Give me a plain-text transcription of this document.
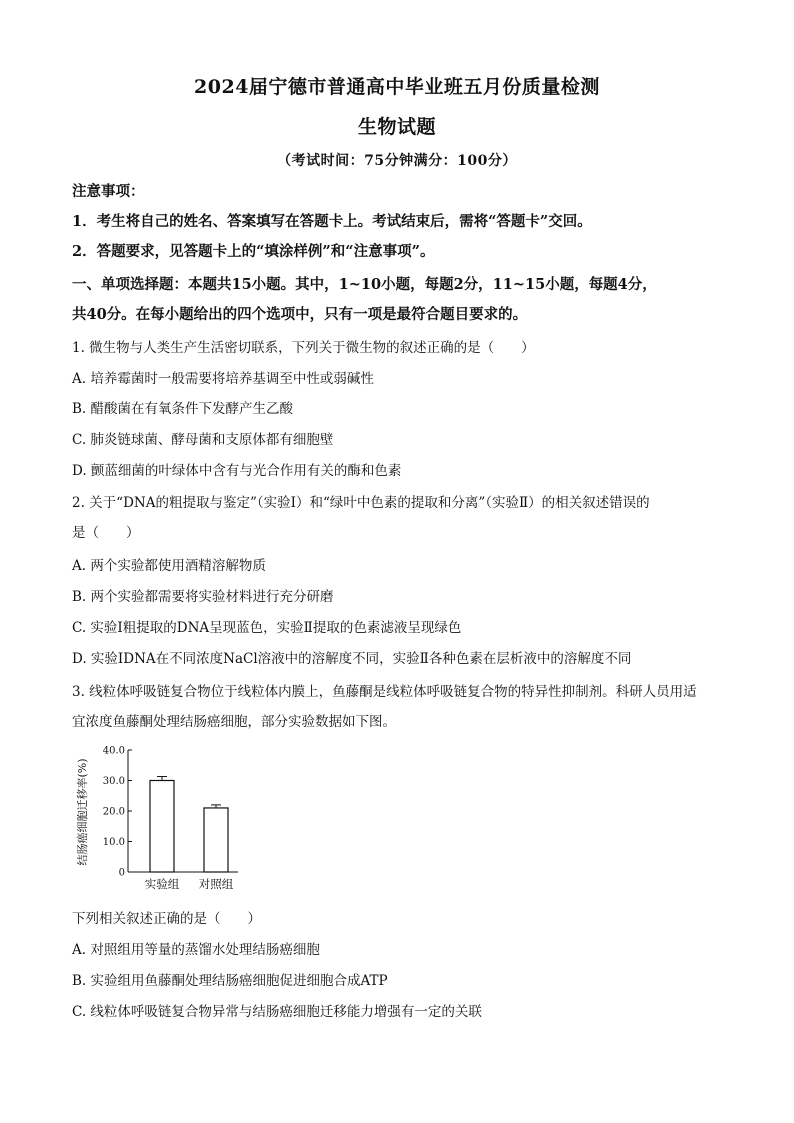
2024届宁德市普通高中毕业班五月份质量检测
生物试题
（考试时间：75分钟满分：100分）
注意事项：
1．考生将自己的姓名、答案填写在答题卡上。考试结束后，需将“答题卡”交回。
2．答题要求，见答题卡上的“填涂样例”和“注意事项”。
一、单项选择题：本题共15小题。其中，1~10小题，每题2分，11~15小题，每题4分，
共40分。在每小题给出的四个选项中，只有一项是最符合题目要求的。
1. 微生物与人类生产生活密切联系，下列关于微生物的叙述正确的是（　　）
A. 培养霉菌时一般需要将培养基调至中性或弱碱性
B. 醋酸菌在有氧条件下发酵产生乙酸
C. 肺炎链球菌、酵母菌和支原体都有细胞壁
D. 颤蓝细菌的叶绿体中含有与光合作用有关的酶和色素
2. 关于“DNA的粗提取与鉴定”（实验Ⅰ）和“绿叶中色素的提取和分离”（实验Ⅱ）的相关叙述错误的
是（　　）
A. 两个实验都使用酒精溶解物质
B. 两个实验都需要将实验材料进行充分研磨
C. 实验Ⅰ粗提取的DNA呈现蓝色，实验Ⅱ提取的色素滤液呈现绿色
D. 实验IDNA在不同浓度NaCl溶液中的溶解度不同，实验Ⅱ各种色素在层析液中的溶解度不同
3. 线粒体呼吸链复合物位于线粒体内膜上，鱼藤酮是线粒体呼吸链复合物的特异性抑制剂。科研人员用适
宜浓度鱼藤酮处理结肠癌细胞，部分实验数据如下图。
0
10.0
20.0
30.0
40.0
实验组 对照组
结肠癌细胞迁移率(%)
下列相关叙述正确的是（　　）
A. 对照组用等量的蒸馏水处理结肠癌细胞
B. 实验组用鱼藤酮处理结肠癌细胞促进细胞合成ATP
C. 线粒体呼吸链复合物异常与结肠癌细胞迁移能力增强有一定的关联
